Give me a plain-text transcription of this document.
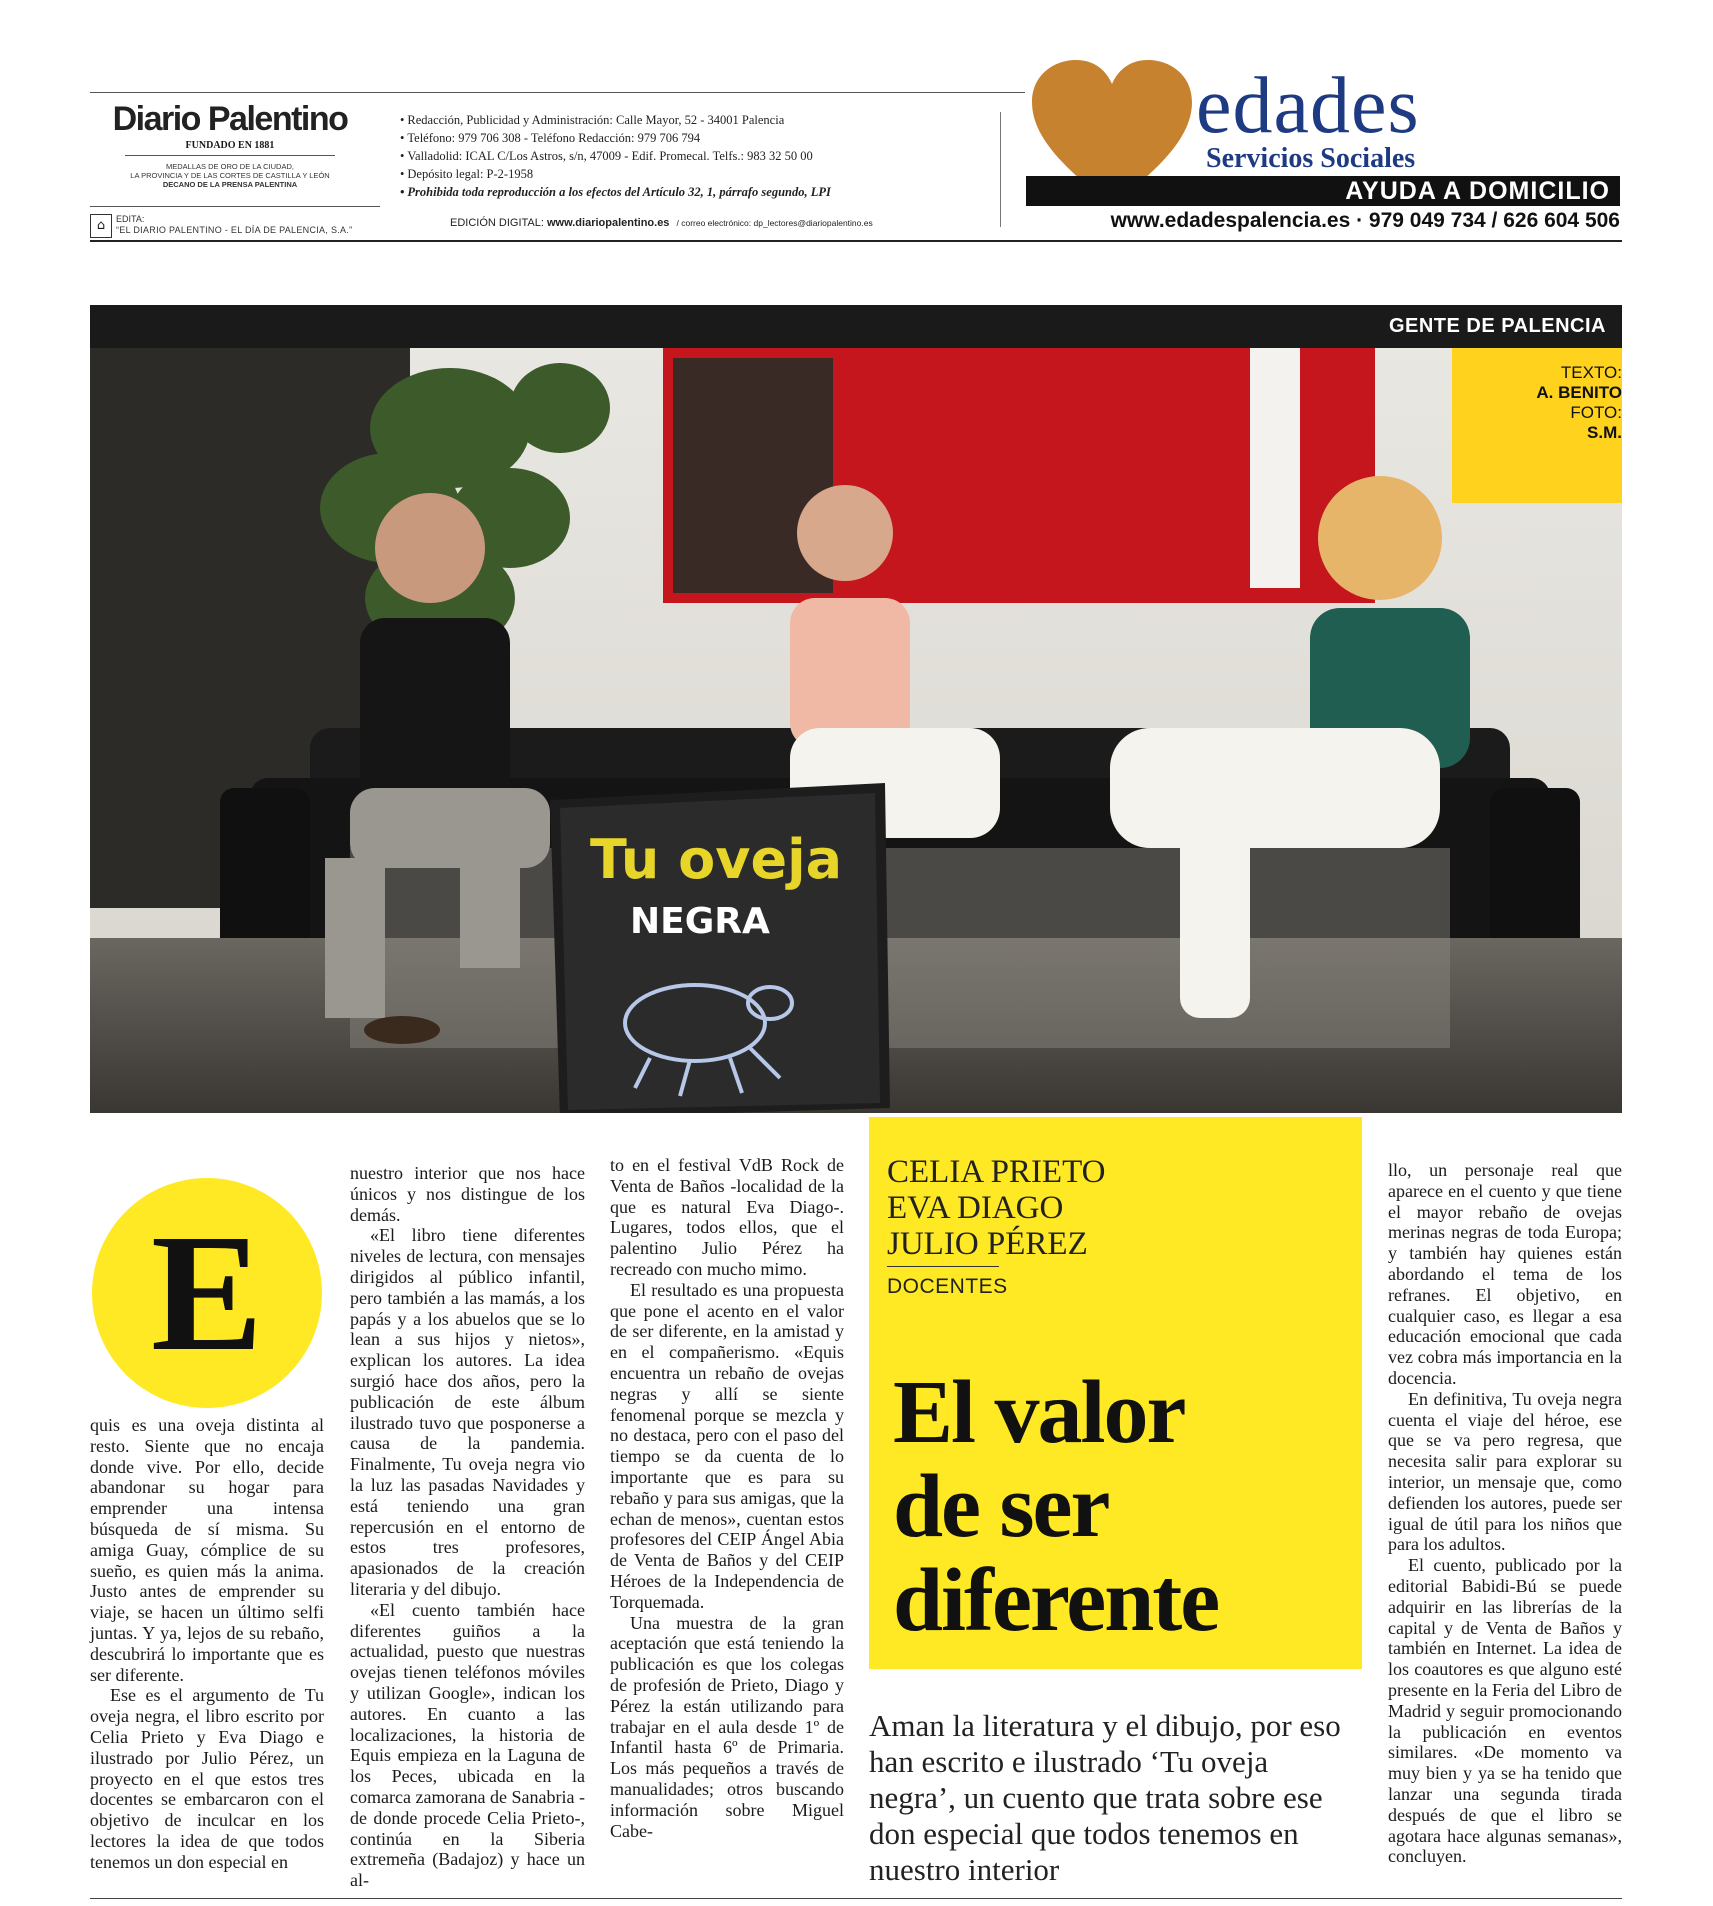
Diario Palentino
FUNDADO EN 1881
MEDALLAS DE ORO DE LA CIUDAD,
LA PROVINCIA Y DE LAS CORTES DE CASTILLA Y LEÓN
DECANO DE LA PRENSA PALENTINA
⌂	EDITA:
“EL DIARIO PALENTINO - EL DÍA DE PALENCIA, S.A.”
• Redacción, Publicidad y Administración: Calle Mayor, 52 - 34001 Palencia
• Teléfono: 979 706 308 - Teléfono Redacción: 979 706 794
• Valladolid: ICAL C/Los Astros, s/n, 47009 - Edif. Promecal. Telfs.: 983 32 50 00
• Depósito legal: P-2-1958
• Prohibida toda reproducción a los efectos del Artículo 32, 1, párrafo segundo, LPI
EDICIÓN DIGITAL: www.diariopalentino.es / correo electrónico: dp_lectores@diariopalentino.es
edades
Servicios Sociales
AYUDA A DOMICILIO
www.edadespalencia.es · 979 049 734 / 626 604 506
GENTE DE PALENCIA
Tu oveja
NEGRA
TEXTO:
A. BENITO
FOTO:
S.M.
E

quis es una oveja distinta al resto. Siente que no encaja donde vive. Por ello, decide abandonar su hogar para emprender una intensa búsqueda de sí misma. Su amiga Guay, cómplice de su sueño, es quien más la anima. Justo antes de emprender su viaje, se hacen un último selfi juntas. Y ya, lejos de su rebaño, descubrirá lo importante que es ser diferente.

Ese es el argumento de Tu oveja negra, el libro escrito por Celia Prieto y Eva Diago e ilustrado por Julio Pérez, un proyecto en el que estos tres docentes se embarcaron con el objetivo de inculcar en los lectores la idea de que todos tenemos un don especial en

nuestro interior que nos hace únicos y nos distingue de los demás.

«El libro tiene diferentes niveles de lectura, con mensajes dirigidos al público infantil, pero también a las mamás, a los papás y a los abuelos que se lo lean a sus hijos y nietos», explican los autores. La idea surgió hace dos años, pero la publicación de este álbum ilustrado tuvo que posponerse a causa de la pandemia. Finalmente, Tu oveja negra vio la luz las pasadas Navidades y está teniendo una gran repercusión en el entorno de estos tres profesores, apasionados de la creación literaria y del dibujo.

«El cuento también hace diferentes guiños a la actualidad, puesto que nuestras ovejas tienen teléfonos móviles y utilizan Google», indican los autores. En cuanto a las localizaciones, la historia de Equis empieza en la Laguna de los Peces, ubicada en la comarca zamorana de Sanabria -de donde procede Celia Prieto-, continúa en la Siberia extremeña (Badajoz) y hace un al-

to en el festival VdB Rock de Venta de Baños -localidad de la que es natural Eva Diago-. Lugares, todos ellos, que el palentino Julio Pérez ha recreado con mucho mimo.

El resultado es una propuesta que pone el acento en el valor de ser diferente, en la amistad y en el compañerismo. «Equis encuentra un rebaño de ovejas negras y allí se siente fenomenal porque se mezcla y no destaca, pero con el paso del tiempo se da cuenta de lo importante que es para su rebaño y para sus amigas, que la echan de menos», cuentan estos profesores del CEIP Ángel Abia de Venta de Baños y del CEIP Héroes de la Independencia de Torquemada.

Una muestra de la gran aceptación que está teniendo la publicación es que los colegas de profesión de Prieto, Diago y Pérez la están utilizando para trabajar en el aula desde 1º de Infantil hasta 6º de Primaria. Los más pequeños a través de manualidades; otros buscando información sobre Miguel Cabe-

CELIA PRIETO
EVA DIAGO
JULIO PÉREZ
DOCENTES
El valor
de ser
diferente
Aman la literatura y el dibujo, por eso han escrito e ilustrado ‘Tu oveja negra’, un cuento que trata sobre ese don especial que todos tenemos en nuestro interior

llo, un personaje real que aparece en el cuento y que tiene el mayor rebaño de ovejas merinas negras de toda Europa; y también hay quienes están abordando el tema de los refranes. El objetivo, en cualquier caso, es llegar a esa educación emocional que cada vez cobra más importancia en la docencia.

En definitiva, Tu oveja negra cuenta el viaje del héroe, ese que se va pero regresa, que necesita salir para explorar su interior, un mensaje que, como defienden los autores, puede ser igual de útil para los niños que para los adultos.

El cuento, publicado por la editorial Babidi-Bú se puede adquirir en las librerías de la capital y de Venta de Baños y también en Internet. La idea de los coautores es que alguno esté presente en la Feria del Libro de Madrid y seguir promocionando la publicación en eventos similares. «De momento va muy bien y ya se ha tenido que lanzar una segunda tirada después de que el libro se agotara hace algunas semanas», concluyen.
